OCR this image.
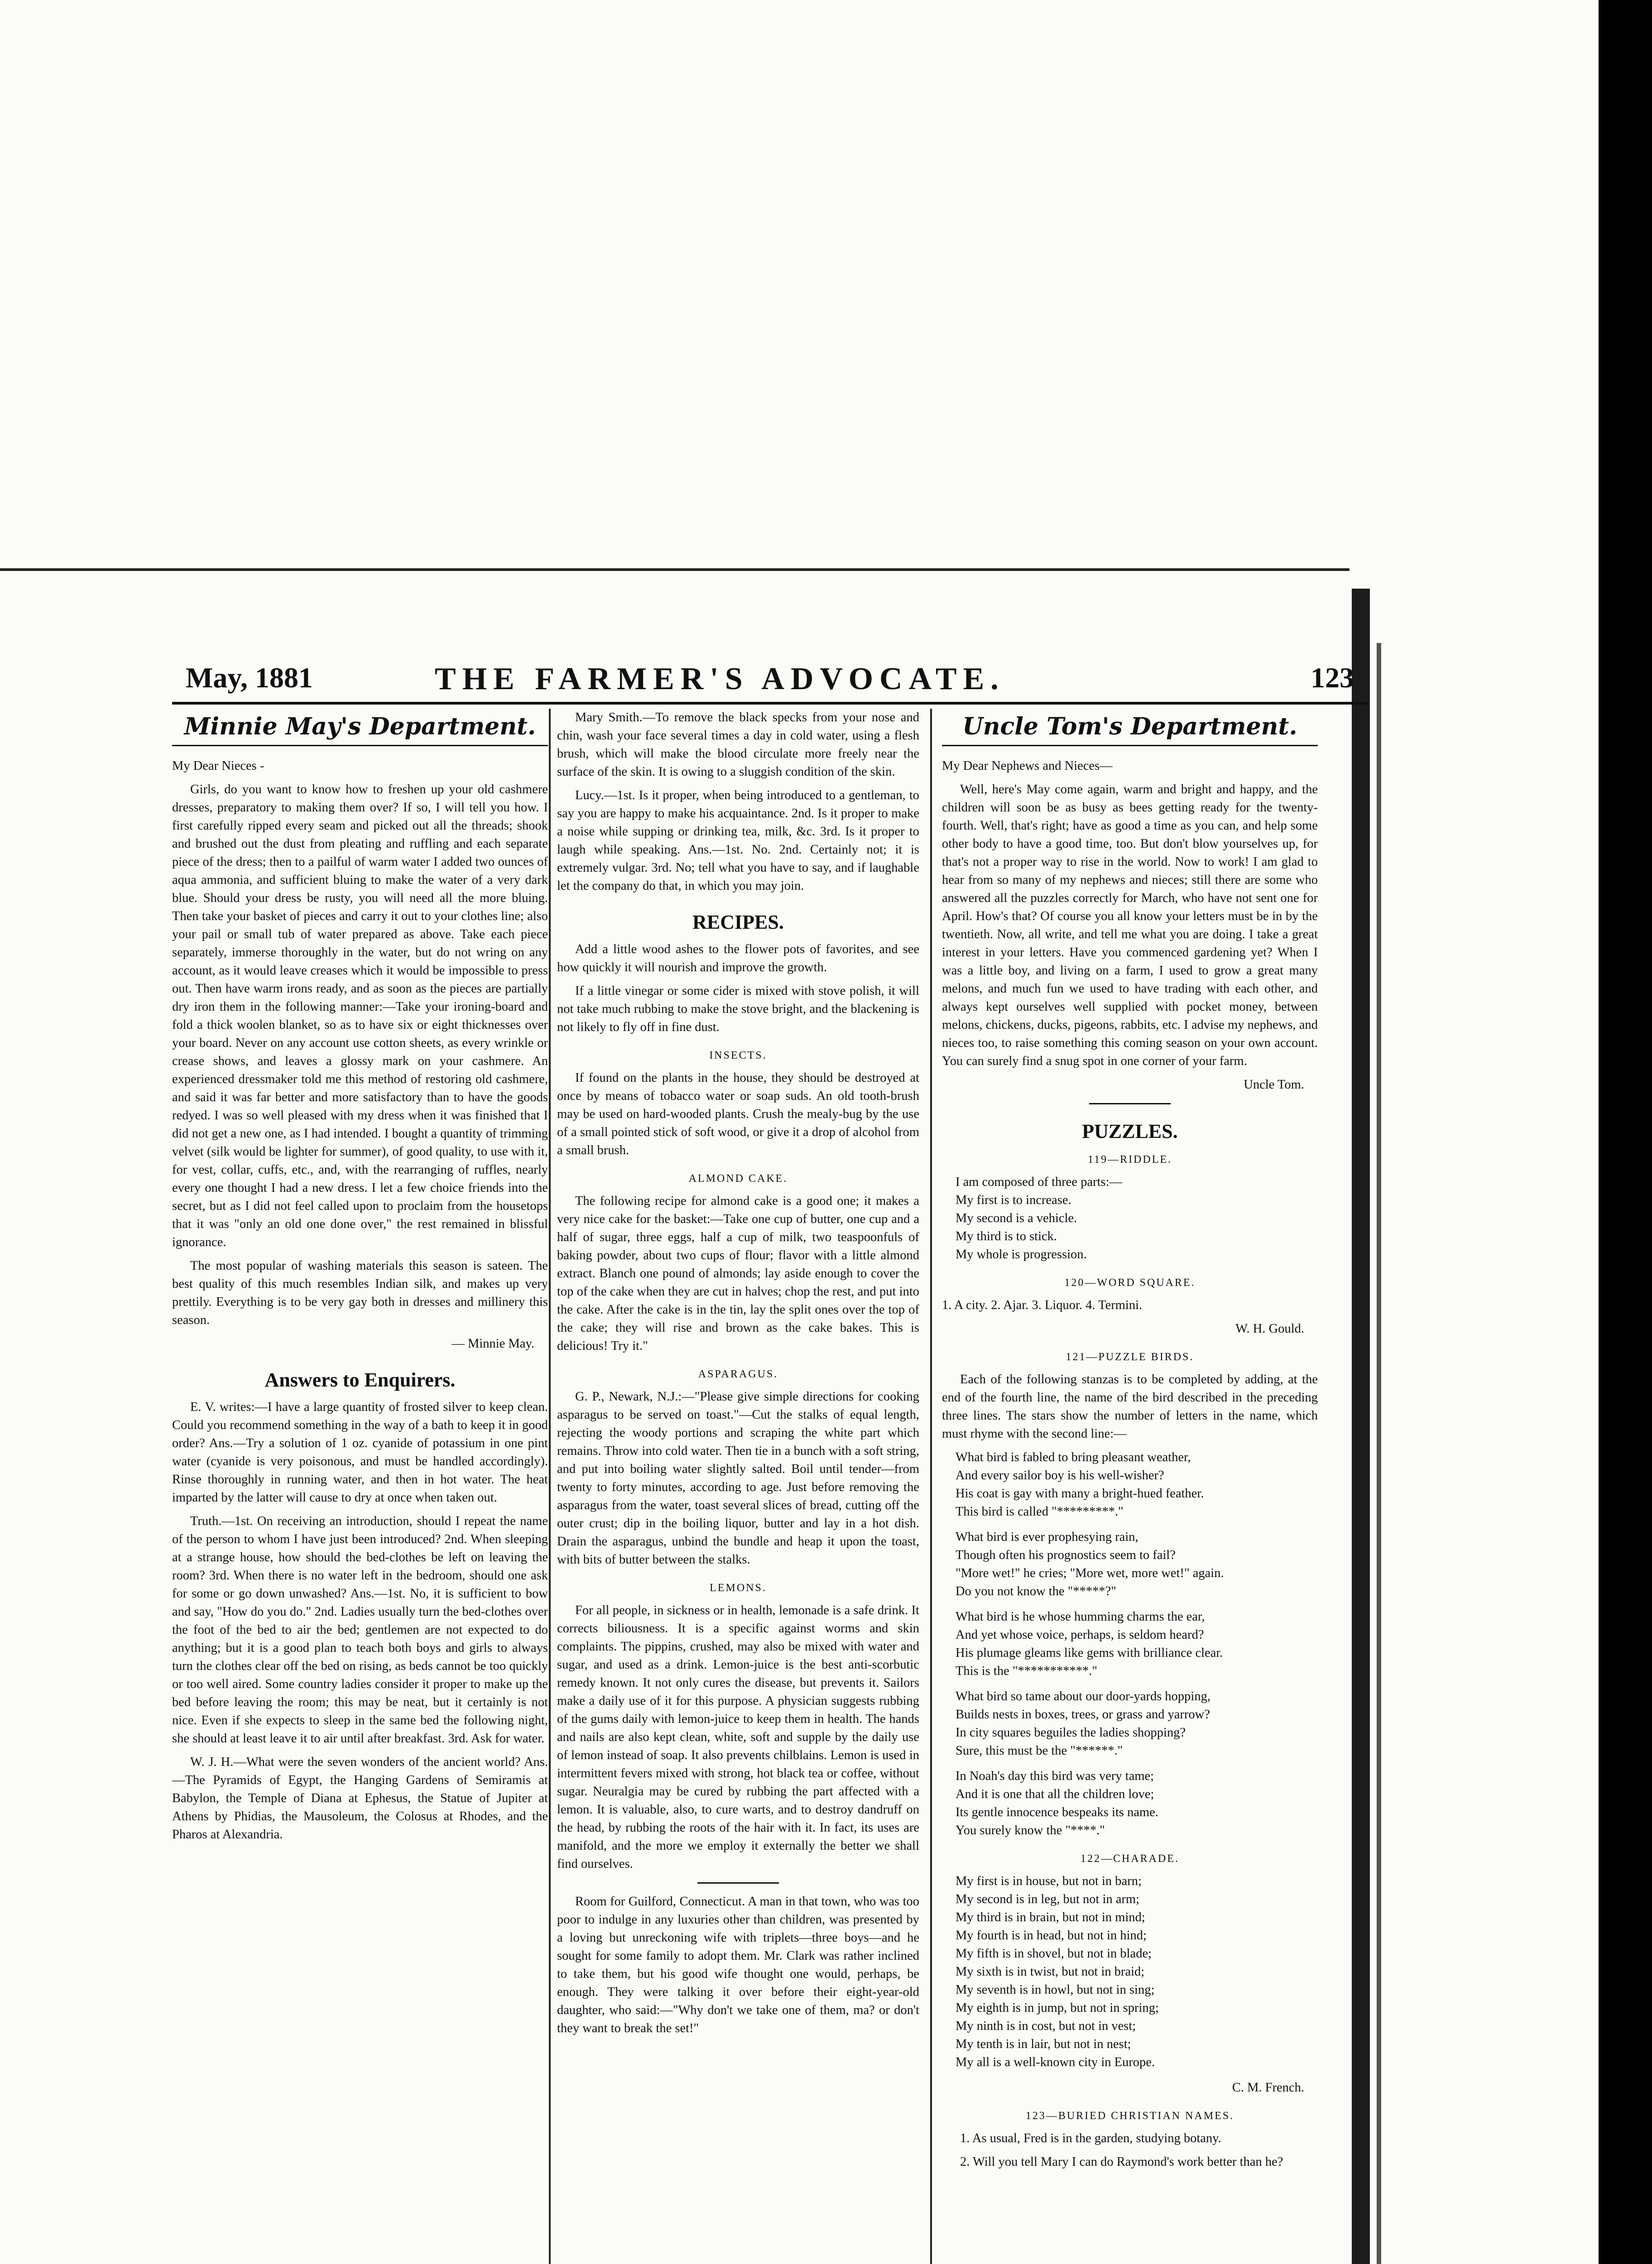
May, 1881	THE FARMER'S ADVOCATE.	123
Minnie May's Department.

My Dear Nieces -

Girls, do you want to know how to freshen up your old cashmere dresses, preparatory to making them over? If so, I will tell you how. I first carefully ripped every seam and picked out all the threads; shook and brushed out the dust from pleating and ruffling and each separate piece of the dress; then to a pailful of warm water I added two ounces of aqua ammonia, and sufficient bluing to make the water of a very dark blue. Should your dress be rusty, you will need all the more bluing. Then take your basket of pieces and carry it out to your clothes line; also your pail or small tub of water prepared as above. Take each piece separately, immerse thoroughly in the water, but do not wring on any account, as it would leave creases which it would be impossible to press out. Then have warm irons ready, and as soon as the pieces are partially dry iron them in the following manner:—Take your ironing-board and fold a thick woolen blanket, so as to have six or eight thicknesses over your board. Never on any account use cotton sheets, as every wrinkle or crease shows, and leaves a glossy mark on your cashmere. An experienced dressmaker told me this method of restoring old cashmere, and said it was far better and more satisfactory than to have the goods redyed. I was so well pleased with my dress when it was finished that I did not get a new one, as I had intended. I bought a quantity of trimming velvet (silk would be lighter for summer), of good quality, to use with it, for vest, collar, cuffs, etc., and, with the rearranging of ruffles, nearly every one thought I had a new dress. I let a few choice friends into the secret, but as I did not feel called upon to proclaim from the housetops that it was "only an old one done over," the rest remained in blissful ignorance.

The most popular of washing materials this season is sateen. The best quality of this much resembles Indian silk, and makes up very prettily. Everything is to be very gay both in dresses and millinery this season.

— Minnie May.
Answers to Enquirers.

E. V. writes:—I have a large quantity of frosted silver to keep clean. Could you recommend something in the way of a bath to keep it in good order? Ans.—Try a solution of 1 oz. cyanide of potassium in one pint water (cyanide is very poisonous, and must be handled accordingly). Rinse thoroughly in running water, and then in hot water. The heat imparted by the latter will cause to dry at once when taken out.

Truth.—1st. On receiving an introduction, should I repeat the name of the person to whom I have just been introduced? 2nd. When sleeping at a strange house, how should the bed-clothes be left on leaving the room? 3rd. When there is no water left in the bedroom, should one ask for some or go down unwashed? Ans.—1st. No, it is sufficient to bow and say, "How do you do." 2nd. Ladies usually turn the bed-clothes over the foot of the bed to air the bed; gentlemen are not expected to do anything; but it is a good plan to teach both boys and girls to always turn the clothes clear off the bed on rising, as beds cannot be too quickly or too well aired. Some country ladies consider it proper to make up the bed before leaving the room; this may be neat, but it certainly is not nice. Even if she expects to sleep in the same bed the following night, she should at least leave it to air until after breakfast. 3rd. Ask for water.

W. J. H.—What were the seven wonders of the ancient world? Ans.—The Pyramids of Egypt, the Hanging Gardens of Semiramis at Babylon, the Temple of Diana at Ephesus, the Statue of Jupiter at Athens by Phidias, the Mausoleum, the Colosus at Rhodes, and the Pharos at Alexandria.

Mary Smith.—To remove the black specks from your nose and chin, wash your face several times a day in cold water, using a flesh brush, which will make the blood circulate more freely near the surface of the skin. It is owing to a sluggish condition of the skin.

Lucy.—1st. Is it proper, when being introduced to a gentleman, to say you are happy to make his acquaintance. 2nd. Is it proper to make a noise while supping or drinking tea, milk, &c. 3rd. Is it proper to laugh while speaking. Ans.—1st. No. 2nd. Certainly not; it is extremely vulgar. 3rd. No; tell what you have to say, and if laughable let the company do that, in which you may join.

RECIPES.

Add a little wood ashes to the flower pots of favorites, and see how quickly it will nourish and improve the growth.

If a little vinegar or some cider is mixed with stove polish, it will not take much rubbing to make the stove bright, and the blackening is not likely to fly off in fine dust.

INSECTS.

If found on the plants in the house, they should be destroyed at once by means of tobacco water or soap suds. An old tooth-brush may be used on hard-wooded plants. Crush the mealy-bug by the use of a small pointed stick of soft wood, or give it a drop of alcohol from a small brush.

ALMOND CAKE.

The following recipe for almond cake is a good one; it makes a very nice cake for the basket:—Take one cup of butter, one cup and a half of sugar, three eggs, half a cup of milk, two teaspoonfuls of baking powder, about two cups of flour; flavor with a little almond extract. Blanch one pound of almonds; lay aside enough to cover the top of the cake when they are cut in halves; chop the rest, and put into the cake. After the cake is in the tin, lay the split ones over the top of the cake; they will rise and brown as the cake bakes. This is delicious! Try it."

ASPARAGUS.

G. P., Newark, N.J.:—"Please give simple directions for cooking asparagus to be served on toast."—Cut the stalks of equal length, rejecting the woody portions and scraping the white part which remains. Throw into cold water. Then tie in a bunch with a soft string, and put into boiling water slightly salted. Boil until tender—from twenty to forty minutes, according to age. Just before removing the asparagus from the water, toast several slices of bread, cutting off the outer crust; dip in the boiling liquor, butter and lay in a hot dish. Drain the asparagus, unbind the bundle and heap it upon the toast, with bits of butter between the stalks.

LEMONS.

For all people, in sickness or in health, lemonade is a safe drink. It corrects biliousness. It is a specific against worms and skin complaints. The pippins, crushed, may also be mixed with water and sugar, and used as a drink. Lemon-juice is the best anti-scorbutic remedy known. It not only cures the disease, but prevents it. Sailors make a daily use of it for this purpose. A physician suggests rubbing of the gums daily with lemon-juice to keep them in health. The hands and nails are also kept clean, white, soft and supple by the daily use of lemon instead of soap. It also prevents chilblains. Lemon is used in intermittent fevers mixed with strong, hot black tea or coffee, without sugar. Neuralgia may be cured by rubbing the part affected with a lemon. It is valuable, also, to cure warts, and to destroy dandruff on the head, by rubbing the roots of the hair with it. In fact, its uses are manifold, and the more we employ it externally the better we shall find ourselves.

Room for Guilford, Connecticut. A man in that town, who was too poor to indulge in any luxuries other than children, was presented by a loving but unreckoning wife with triplets—three boys—and he sought for some family to adopt them. Mr. Clark was rather inclined to take them, but his good wife thought one would, perhaps, be enough. They were talking it over before their eight-year-old daughter, who said:—"Why don't we take one of them, ma? or don't they want to break the set!"

Uncle Tom's Department.

My Dear Nephews and Nieces—

Well, here's May come again, warm and bright and happy, and the children will soon be as busy as bees getting ready for the twenty-fourth. Well, that's right; have as good a time as you can, and help some other body to have a good time, too. But don't blow yourselves up, for that's not a proper way to rise in the world. Now to work! I am glad to hear from so many of my nephews and nieces; still there are some who answered all the puzzles correctly for March, who have not sent one for April. How's that? Of course you all know your letters must be in by the twentieth. Now, all write, and tell me what you are doing. I take a great interest in your letters. Have you commenced gardening yet? When I was a little boy, and living on a farm, I used to grow a great many melons, and much fun we used to have trading with each other, and always kept ourselves well supplied with pocket money, between melons, chickens, ducks, pigeons, rabbits, etc. I advise my nephews, and nieces too, to raise something this coming season on your own account. You can surely find a snug spot in one corner of your farm.

Uncle Tom.
PUZZLES.
119—RIDDLE.
I am composed of three parts:—
My first is to increase.
My second is a vehicle.
My third is to stick.
My whole is progression.
120—WORD SQUARE.

1. A city. 2. Ajar. 3. Liquor. 4. Termini.

W. H. Gould.
121—PUZZLE BIRDS.

Each of the following stanzas is to be completed by adding, at the end of the fourth line, the name of the bird described in the preceding three lines. The stars show the number of letters in the name, which must rhyme with the second line:—

What bird is fabled to bring pleasant weather,
And every sailor boy is his well-wisher?
His coat is gay with many a bright-hued feather.
This bird is called "*********."
What bird is ever prophesying rain,
Though often his prognostics seem to fail?
"More wet!" he cries; "More wet, more wet!" again.
Do you not know the "*****?"
What bird is he whose humming charms the ear,
And yet whose voice, perhaps, is seldom heard?
His plumage gleams like gems with brilliance clear.
This is the "***********."
What bird so tame about our door-yards hopping,
Builds nests in boxes, trees, or grass and yarrow?
In city squares beguiles the ladies shopping?
Sure, this must be the "******."
In Noah's day this bird was very tame;
And it is one that all the children love;
Its gentle innocence bespeaks its name.
You surely know the "****."
122—CHARADE.
My first is in house, but not in barn;
My second is in leg, but not in arm;
My third is in brain, but not in mind;
My fourth is in head, but not in hind;
My fifth is in shovel, but not in blade;
My sixth is in twist, but not in braid;
My seventh is in howl, but not in sing;
My eighth is in jump, but not in spring;
My ninth is in cost, but not in vest;
My tenth is in lair, but not in nest;
My all is a well-known city in Europe.
C. M. French.
123—BURIED CHRISTIAN NAMES.

1. As usual, Fred is in the garden, studying botany.

2. Will you tell Mary I can do Raymond's work better than he?
